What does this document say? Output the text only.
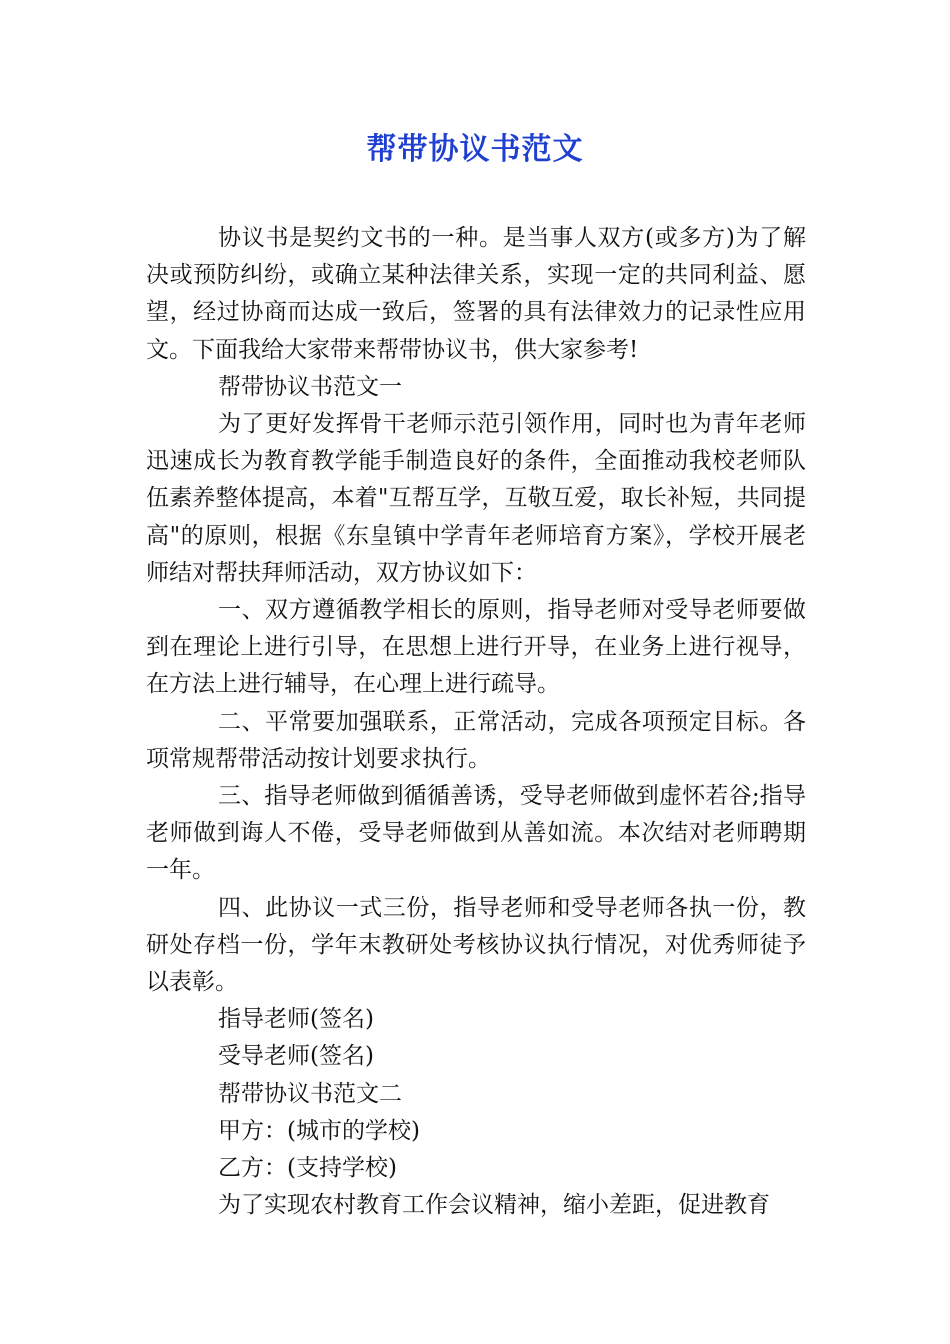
帮带协议书范文

协议书是契约文书的一种。是当事人双方(或多方)为了解决或预防纠纷，或确立某种法律关系，实现一定的共同利益、愿望，经过协商而达成一致后，签署的具有法律效力的记录性应用文。下面我给大家带来帮带协议书，供大家参考!

帮带协议书范文一

为了更好发挥骨干老师示范引领作用，同时也为青年老师迅速成长为教育教学能手制造良好的条件，全面推动我校老师队伍素养整体提高，本着"互帮互学，互敬互爱，取长补短，共同提高"的原则，根据《东皇镇中学青年老师培育方案》，学校开展老师结对帮扶拜师活动，双方协议如下：

一、双方遵循教学相长的原则，指导老师对受导老师要做到在理论上进行引导，在思想上进行开导，在业务上进行视导，在方法上进行辅导，在心理上进行疏导。

二、平常要加强联系，正常活动，完成各项预定目标。各项常规帮带活动按计划要求执行。

三、指导老师做到循循善诱，受导老师做到虚怀若谷;指导老师做到诲人不倦，受导老师做到从善如流。本次结对老师聘期一年。

四、此协议一式三份，指导老师和受导老师各执一份，教研处存档一份，学年末教研处考核协议执行情况，对优秀师徒予以表彰。

指导老师(签名)

受导老师(签名)

帮带协议书范文二

甲方：(城市的学校)

乙方：(支持学校)

为了实现农村教育工作会议精神，缩小差距，促进教育
